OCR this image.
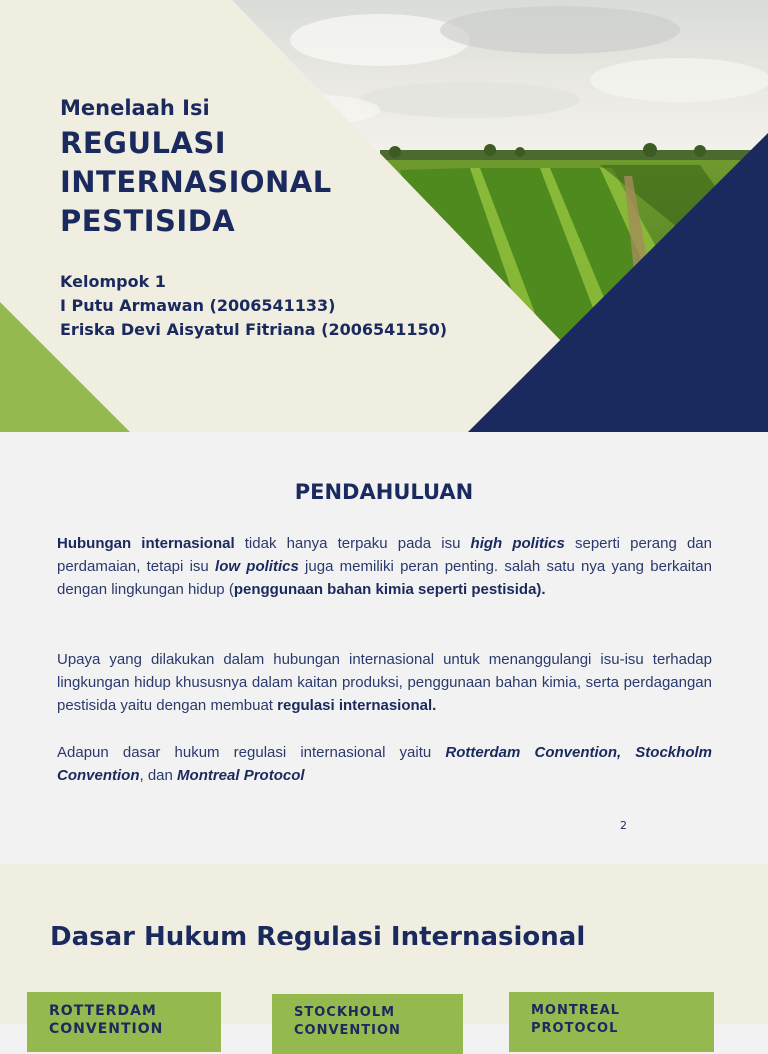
Menelaah Isi
REGULASI
INTERNASIONAL
PESTISIDA
Kelompok 1
I Putu Armawan (2006541133)
Eriska Devi Aisyatul Fitriana (2006541150)
PENDAHULUAN
Hubungan internasional tidak hanya terpaku pada isu high politics seperti perang dan perdamaian, tetapi isu low politics juga memiliki peran penting. salah satu nya yang berkaitan dengan lingkungan hidup (penggunaan bahan kimia seperti pestisida).
Upaya yang dilakukan dalam hubungan internasional untuk menanggulangi isu-isu terhadap lingkungan hidup khususnya dalam kaitan produksi, penggunaan bahan kimia, serta perdagangan pestisida yaitu dengan membuat regulasi internasional.
Adapun dasar hukum regulasi internasional yaitu Rotterdam Convention, Stockholm Convention, dan Montreal Protocol
2
Dasar Hukum Regulasi Internasional
ROTTERDAM
CONVENTION
STOCKHOLM
CONVENTION
MONTREAL
PROTOCOL
